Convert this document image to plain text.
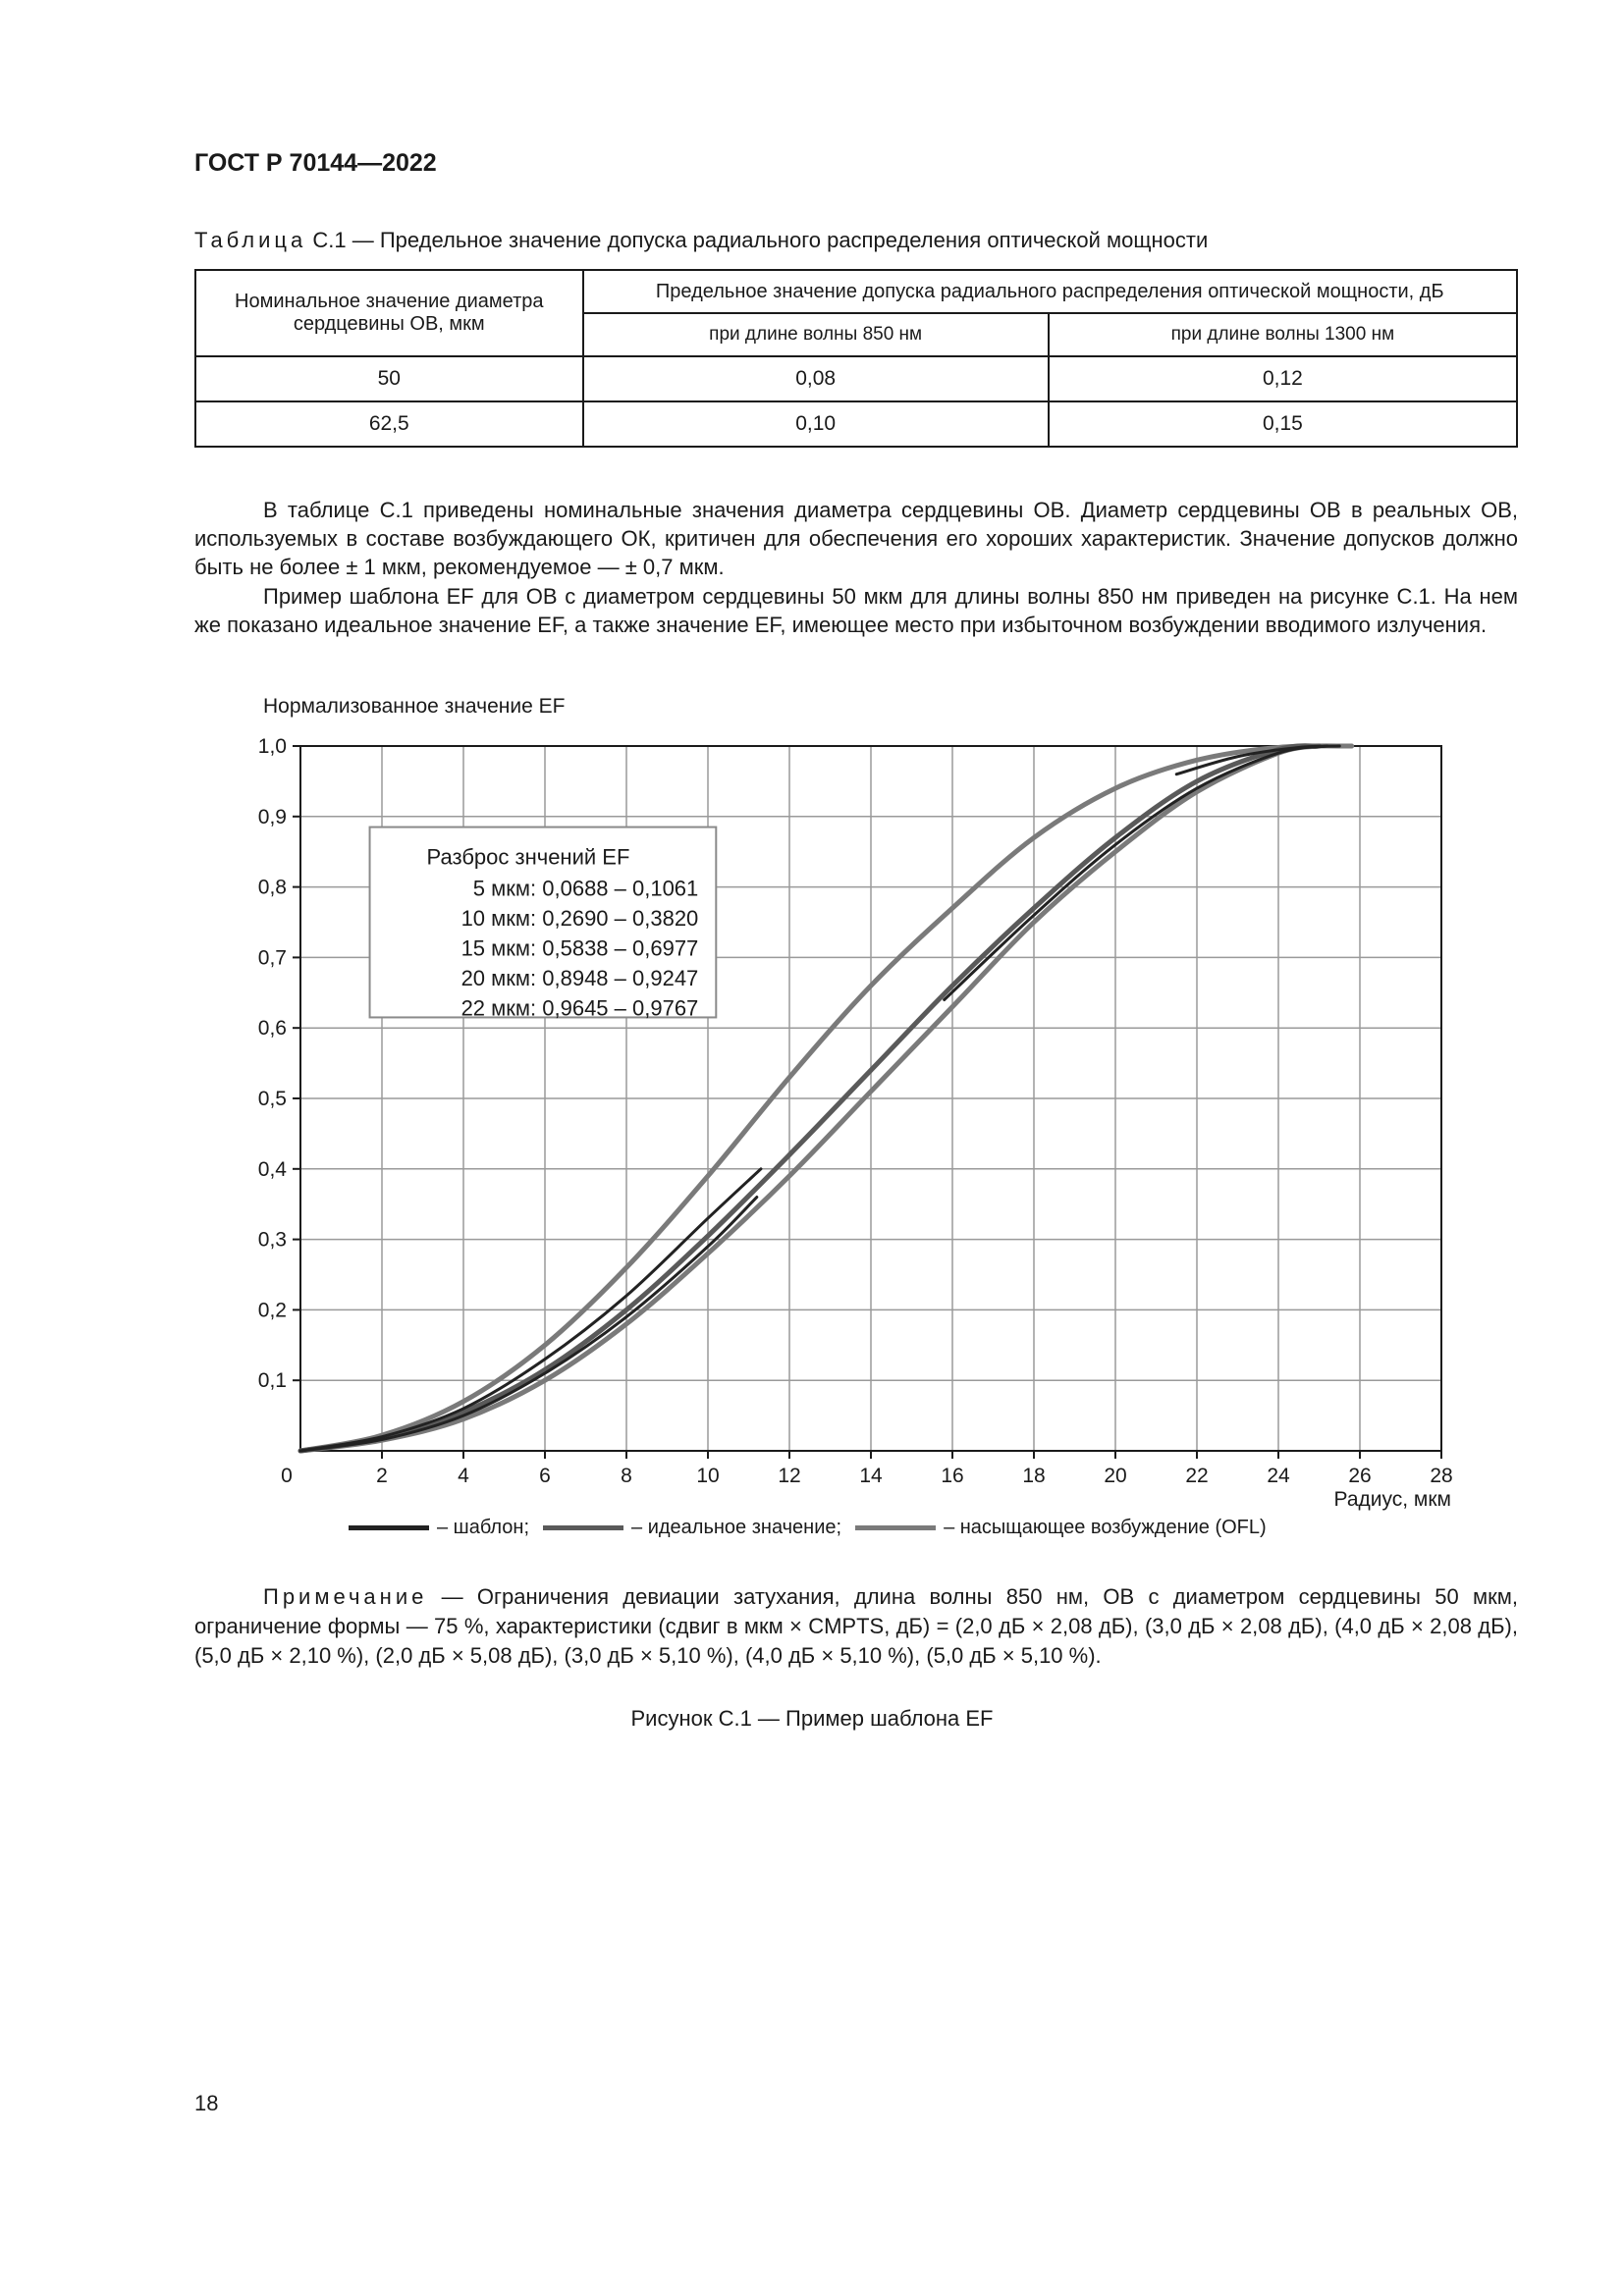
ГОСТ Р 70144—2022
Таблица С.1 — Предельное значение допуска радиального распределения оптической мощности
Номинальное значение диаметра сердцевины ОВ, мкм	Предельное значение допуска радиального распределения оптической мощности, дБ	
	при длине волны 850 нм	при длине волны 1300 нм
50	0,08	0,12
62,5	0,10	0,15

В таблице С.1 приведены номинальные значения диаметра сердцевины ОВ. Диаметр сердцевины ОВ в реальных ОВ, используемых в составе возбуждающего ОК, критичен для обеспечения его хороших характеристик. Значение допусков должно быть не более ± 1 мкм, рекомендуемое — ± 0,7 мкм.

Пример шаблона EF для ОВ с диаметром сердцевины 50 мкм для длины волны 850 нм приведен на рисунке С.1. На нем же показано идеальное значение EF, а также значение EF, имеющее место при избыточном возбуждении вводимого излучения.

Нормализованное значение EF
0	2	4	6	8	10	12	14	16	18	20	22	24	26	28
0,1
0,2
0,3
0,4
0,5
0,6
0,7
0,8
0,9
1,0
Радиус, мкм
Разброс знчений EF
5 мкм: 0,0688 – 0,1061
10 мкм: 0,2690 – 0,3820
15 мкм: 0,5838 – 0,6977
20 мкм: 0,8948 – 0,9247
22 мкм: 0,9645 – 0,9767
– шаблон;	– идеальное значение;	– насыщающее возбуждение (OFL)

Примечание — Ограничения девиации затухания, длина волны 850 нм, ОВ с диаметром сердцевины 50 мкм, ограничение формы — 75 %, характеристики (сдвиг в мкм × CMPTS, дБ) = (2,0 дБ × 2,08 дБ), (3,0 дБ × 2,08 дБ), (4,0 дБ × 2,08 дБ), (5,0 дБ × 2,10 %), (2,0 дБ × 5,08 дБ), (3,0 дБ × 5,10 %), (4,0 дБ × 5,10 %), (5,0 дБ × 5,10 %).

Рисунок С.1 — Пример шаблона EF
18
